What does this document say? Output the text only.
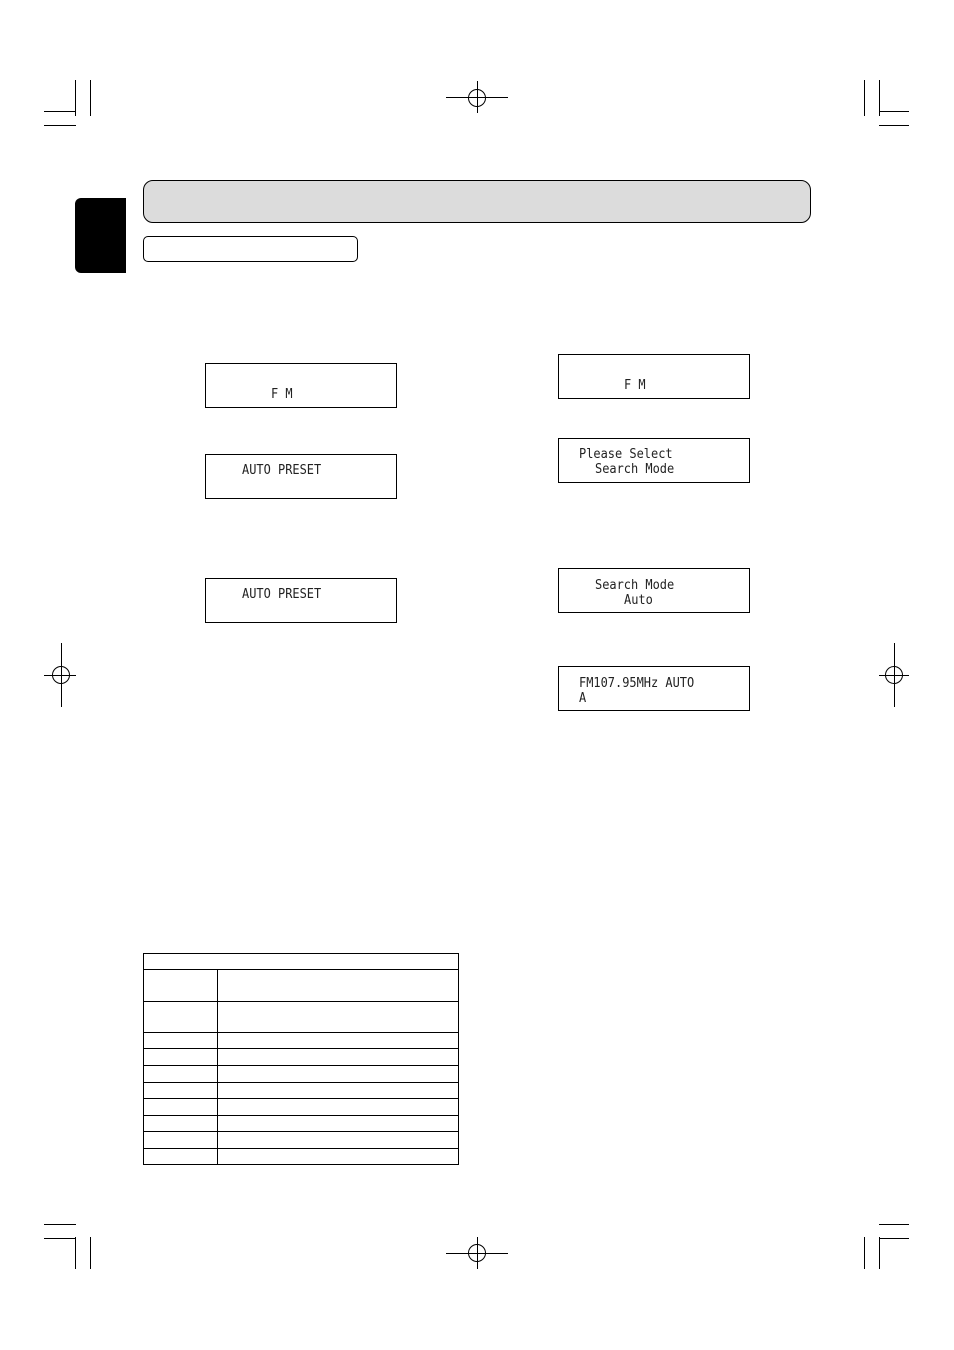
F M
AUTO PRESET
AUTO PRESET
F M
Please Select
Search Mode
Search Mode
Auto
FM107.95MHz AUTO
A
